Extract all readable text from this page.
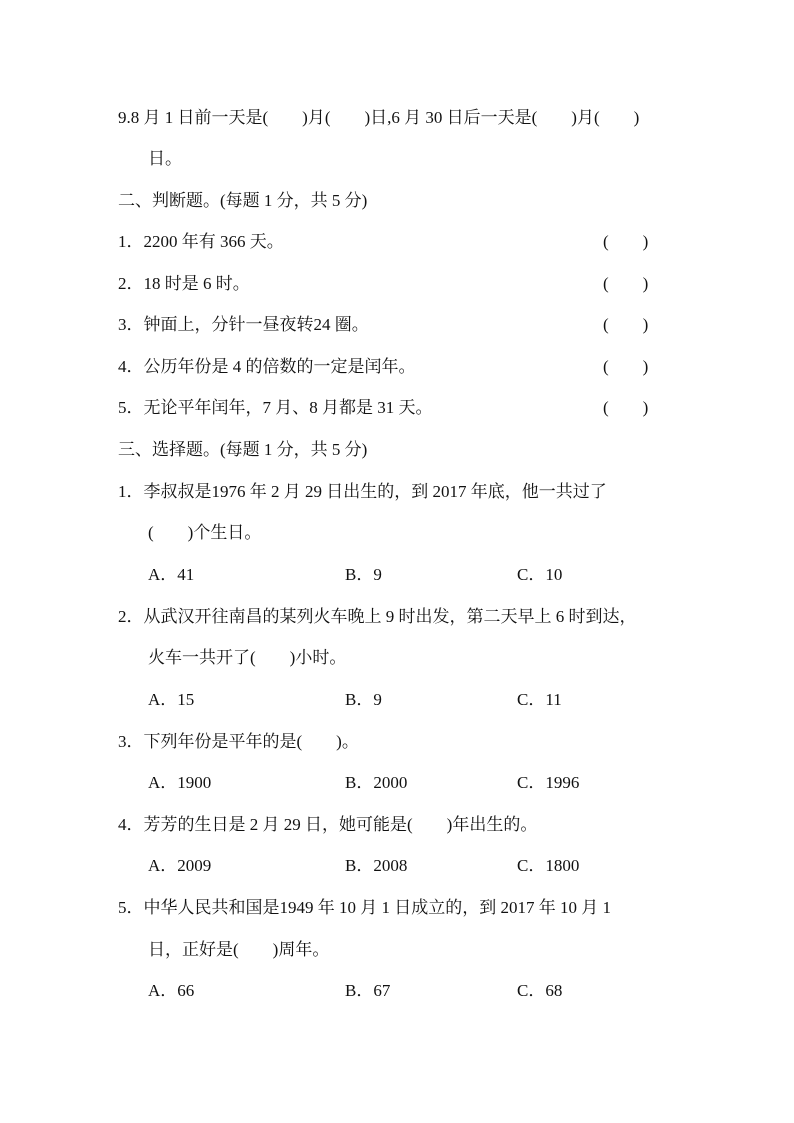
9.8 月 1 日前一天是(　　)月(　　)日,6 月 30 日后一天是(　　)月(　　)
日。
二、判断题。(每题 1 分，共 5 分)
1．2200 年有 366 天。	(　　)
2．18 时是 6 时。	(　　)
3．钟面上，分针一昼夜转24 圈。	(　　)
4．公历年份是 4 的倍数的一定是闰年。	(　　)
5．无论平年闰年，7 月、8 月都是 31 天。	(　　)
三、选择题。(每题 1 分，共 5 分)
1．李叔叔是1976 年 2 月 29 日出生的，到 2017 年底，他一共过了
(　　)个生日。
A．41	B．9	C．10
2．从武汉开往南昌的某列火车晚上 9 时出发，第二天早上 6 时到达，
火车一共开了(　　)小时。
A．15	B．9	C．11
3．下列年份是平年的是(　　)。
A．1900	B．2000	C．1996
4．芳芳的生日是 2 月 29 日，她可能是(　　)年出生的。
A．2009	B．2008	C．1800
5．中华人民共和国是1949 年 10 月 1 日成立的，到 2017 年 10 月 1
日，正好是(　　)周年。
A．66	B．67	C．68
